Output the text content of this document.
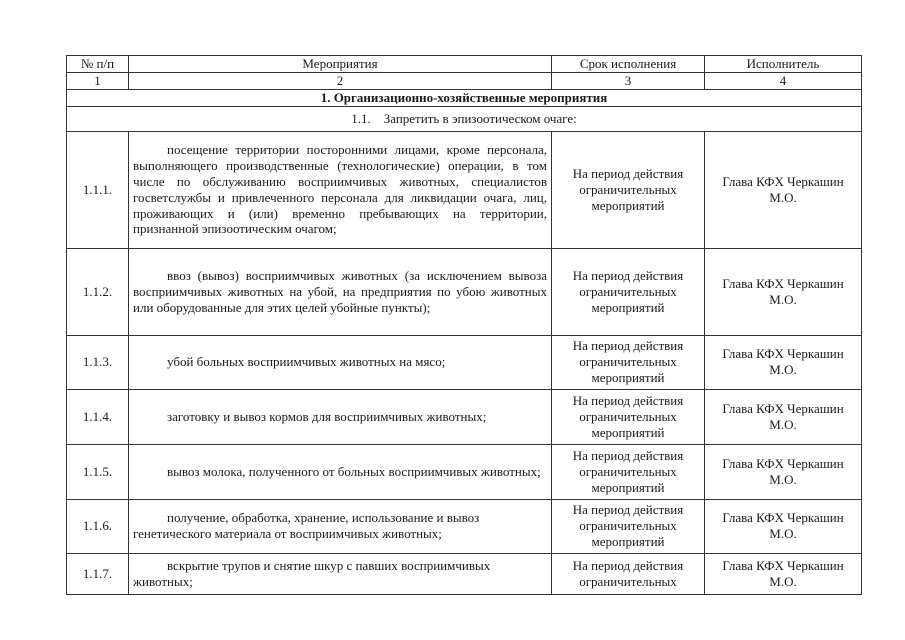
№ п/п	Мероприятия	Срок исполнения	Исполнитель
1	2	3	4
1. Организационно-хозяйственные мероприятия			
1.1.    Запретить в эпизоотическом очаге:			
1.1.1.	посещение территории посторонними лицами, кроме персонала, выполняющего производственные (технологические) операции, в том числе по обслуживанию восприимчивых животных, специалистов госветслужбы и привлеченного персонала для ликвидации очага, лиц, проживающих и (или) временно пребывающих на территории, признанной эпизоотическим очагом;	На период действия ограничительных мероприятий	Глава КФХ Черкашин М.О.
1.1.2.	ввоз (вывоз) восприимчивых животных (за исключением вывоза восприимчивых животных на убой, на предприятия по убою животных или оборудованные для этих целей убойные пункты);	На период действия ограничительных мероприятий	Глава КФХ Черкашин М.О.
1.1.3.	убой больных восприимчивых животных на мясо;	На период действия ограничительных мероприятий	Глава КФХ Черкашин М.О.
1.1.4.	заготовку и вывоз кормов для восприимчивых животных;	На период действия ограничительных мероприятий	Глава КФХ Черкашин М.О.
1.1.5.	вывоз молока, полученного от больных восприимчивых животных;	На период действия ограничительных мероприятий	Глава КФХ Черкашин М.О.
1.1.6.	получение, обработка, хранение, использование и вывоз генетического материала от восприимчивых животных;	На период действия ограничительных мероприятий	Глава КФХ Черкашин М.О.
1.1.7.	вскрытие трупов и снятие шкур с павших восприимчивых животных;	На период действия ограничительных	Глава КФХ Черкашин М.О.
